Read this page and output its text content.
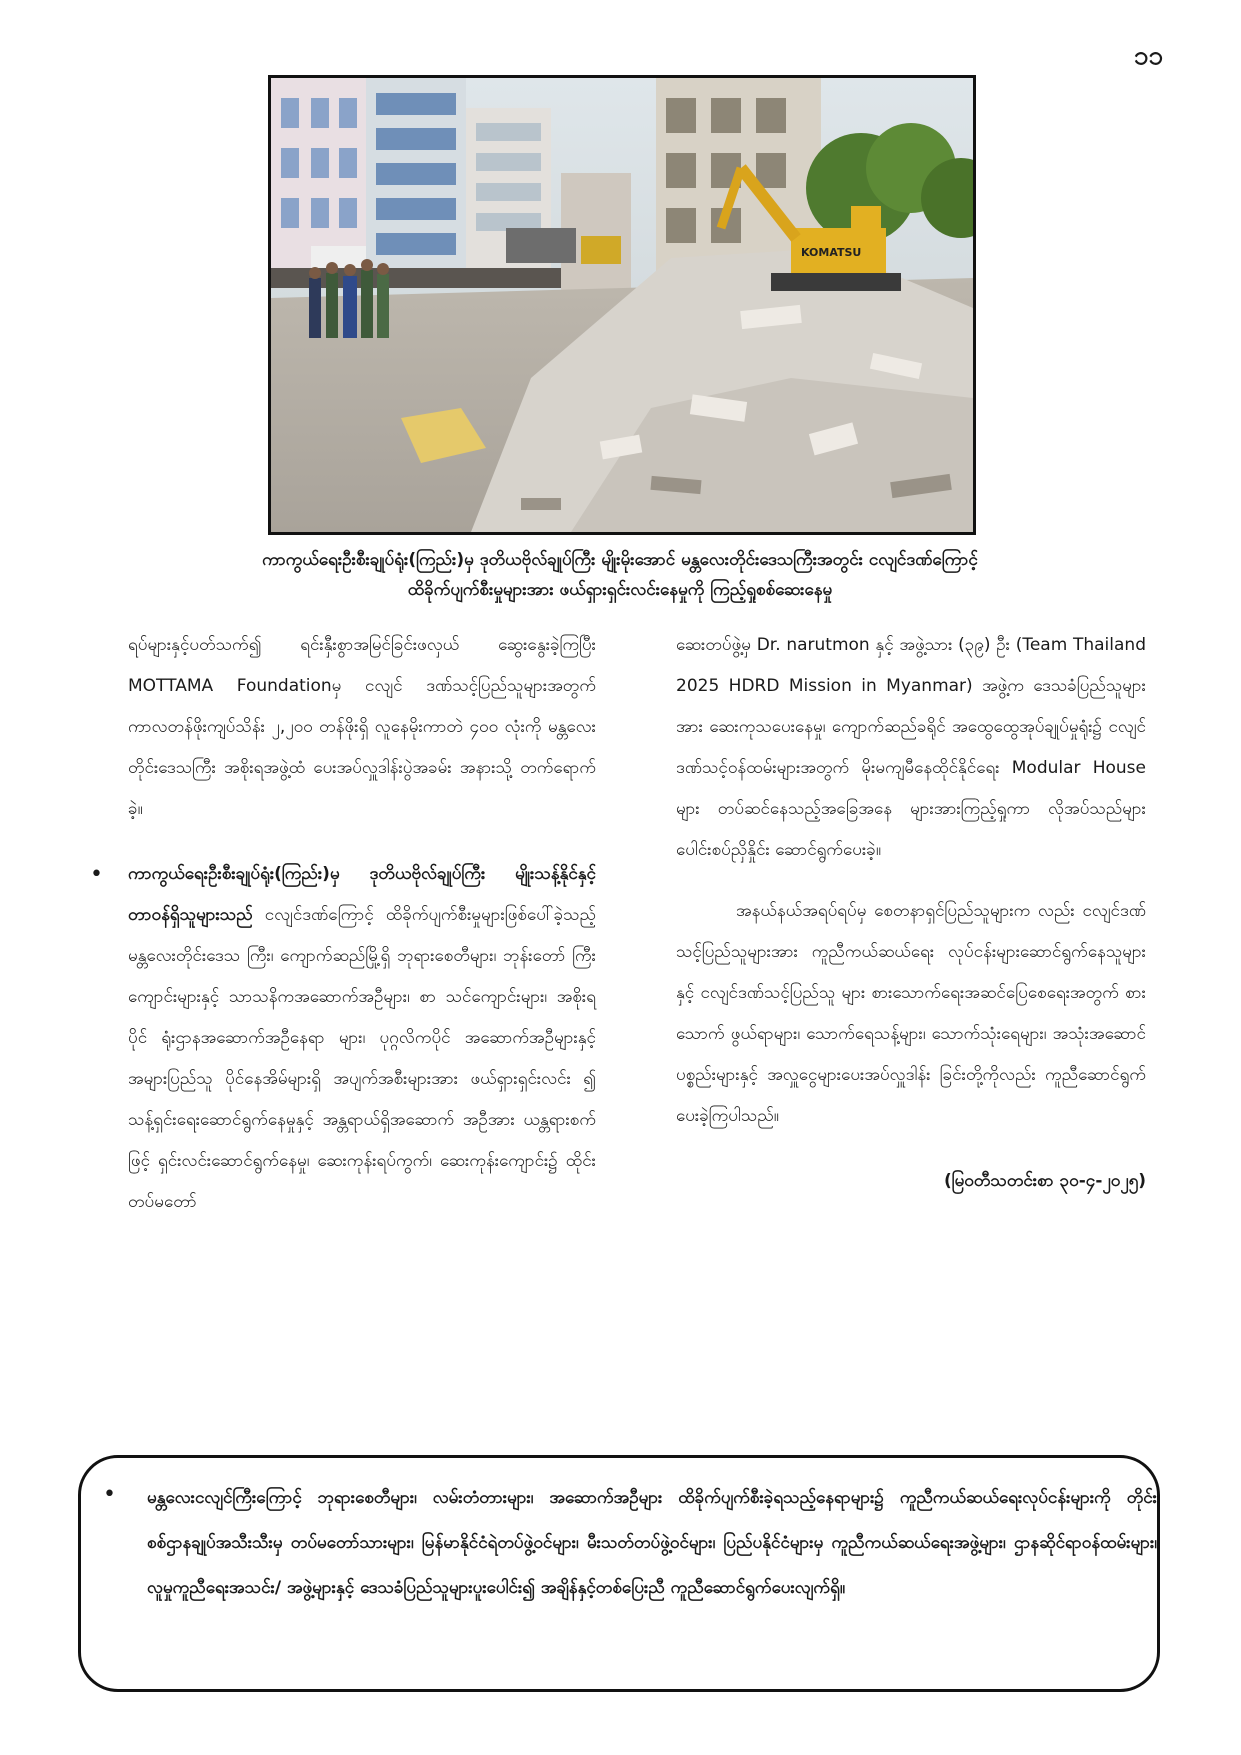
၁၁
KOMATSU
ကာကွယ်ရေးဦးစီးချုပ်ရုံး(ကြည်း)မှ ဒုတိယဗိုလ်ချုပ်ကြီး မျိုးမိုးအောင် မန္တလေးတိုင်းဒေသကြီးအတွင်း ငလျင်ဒဏ်ကြောင့်
ထိခိုက်ပျက်စီးမှုများအား ဖယ်ရှားရှင်းလင်းနေမှုကို ကြည့်ရှုစစ်ဆေးနေမှု

ရပ်များနှင့်ပတ်သက်၍ ရင်းနှီးစွာအမြင်ခြင်းဖလှယ် ဆွေးနွေးခဲ့ကြပြီး MOTTAMA Foundationမှ ငလျင် ဒဏ်သင့်ပြည်သူများအတွက် ကာလတန်ဖိုးကျပ်သိန်း ၂,၂၀၀ တန်ဖိုးရှိ လူနေမိုးကာတဲ ၄၀၀ လုံးကို မန္တလေး တိုင်းဒေသကြီး အစိုးရအဖွဲ့ထံ ပေးအပ်လှူဒါန်းပွဲအခမ်း အနားသို့ တက်ရောက်ခဲ့။

• ကာကွယ်ရေးဦးစီးချုပ်ရုံး(ကြည်း)မှ ဒုတိယဗိုလ်ချုပ်ကြီး မျိုးသန့်နိုင်နှင့် တာဝန်ရှိသူများသည် ငလျင်ဒဏ်ကြောင့် ထိခိုက်ပျက်စီးမှုများဖြစ်ပေါ်ခဲ့သည့် မန္တလေးတိုင်းဒေသ ကြီး၊ ကျောက်ဆည်မြို့ရှိ ဘုရားစေတီများ၊ ဘုန်းတော် ကြီးကျောင်းများနှင့် သာသနိကအဆောက်အဦများ၊ စာ သင်ကျောင်းများ၊ အစိုးရပိုင် ရုံးဌာနအဆောက်အဦနေရာ များ၊ ပုဂ္ဂလိကပိုင် အဆောက်အဦများနှင့် အများပြည်သူ ပိုင်နေအိမ်များရှိ အပျက်အစီးများအား ဖယ်ရှားရှင်းလင်း ၍ သန့်ရှင်းရေးဆောင်ရွက်နေမှုနှင့် အန္တရာယ်ရှိအဆောက် အဦအား ယန္တရားစက်ဖြင့် ရှင်းလင်းဆောင်ရွက်နေမှု၊ ဆေးကုန်းရပ်ကွက်၊ ဆေးကုန်းကျောင်း၌ ထိုင်းတပ်မတော်

ဆေးတပ်ဖွဲ့မှ Dr. narutmon နှင့် အဖွဲ့သား (၃၉) ဦး (Team Thailand 2025 HDRD Mission in Myanmar) အဖွဲ့က ဒေသခံပြည်သူများအား ဆေးကုသပေးနေမှု၊ ကျောက်ဆည်ခရိုင် အထွေထွေအုပ်ချုပ်မှုရုံး၌ ငလျင် ဒဏ်သင့်ဝန်ထမ်းများအတွက် မိုးမကျမီနေထိုင်နိုင်ရေး Modular House များ တပ်ဆင်နေသည့်အခြေအနေ များအားကြည့်ရှုကာ လိုအပ်သည်များပေါင်းစပ်ညှိနှိုင်း ဆောင်ရွက်ပေးခဲ့။

အနယ်နယ်အရပ်ရပ်မှ စေတနာရှင်ပြည်သူများက လည်း ငလျင်ဒဏ်သင့်ပြည်သူများအား ကူညီကယ်ဆယ်ရေး လုပ်ငန်းများဆောင်ရွက်နေသူများနှင့် ငလျင်ဒဏ်သင့်ပြည်သူ များ စားသောက်ရေးအဆင်ပြေစေရေးအတွက် စားသောက် ဖွယ်ရာများ၊ သောက်ရေသန့်များ၊ သောက်သုံးရေများ၊ အသုံးအဆောင်ပစ္စည်းများနှင့် အလှူငွေများပေးအပ်လှူဒါန်း ခြင်းတို့ကိုလည်း ကူညီဆောင်ရွက်ပေးခဲ့ကြပါသည်။

(မြဝတီသတင်းစာ ၃၀-၄-၂၀၂၅)

• မန္တလေးငလျင်ကြီးကြောင့် ဘုရားစေတီများ၊ လမ်းတံတားများ၊ အဆောက်အဦများ ထိခိုက်ပျက်စီးခဲ့ရသည့်နေရာများ၌ ကူညီကယ်ဆယ်ရေးလုပ်ငန်းများကို တိုင်းစစ်ဌာနချုပ်အသီးသီးမှ တပ်မတော်သားများ၊ မြန်မာနိုင်ငံရဲတပ်ဖွဲ့ဝင်များ၊ မီးသတ်တပ်ဖွဲ့ဝင်များ၊ ပြည်ပနိုင်ငံများမှ ကူညီကယ်ဆယ်ရေးအဖွဲ့များ၊ ဌာနဆိုင်ရာဝန်ထမ်းများ၊ လူမှုကူညီရေးအသင်း/ အဖွဲ့များနှင့် ဒေသခံပြည်သူများပူးပေါင်း၍ အချိန်နှင့်တစ်ပြေးညီ ကူညီဆောင်ရွက်ပေးလျက်ရှိ။
